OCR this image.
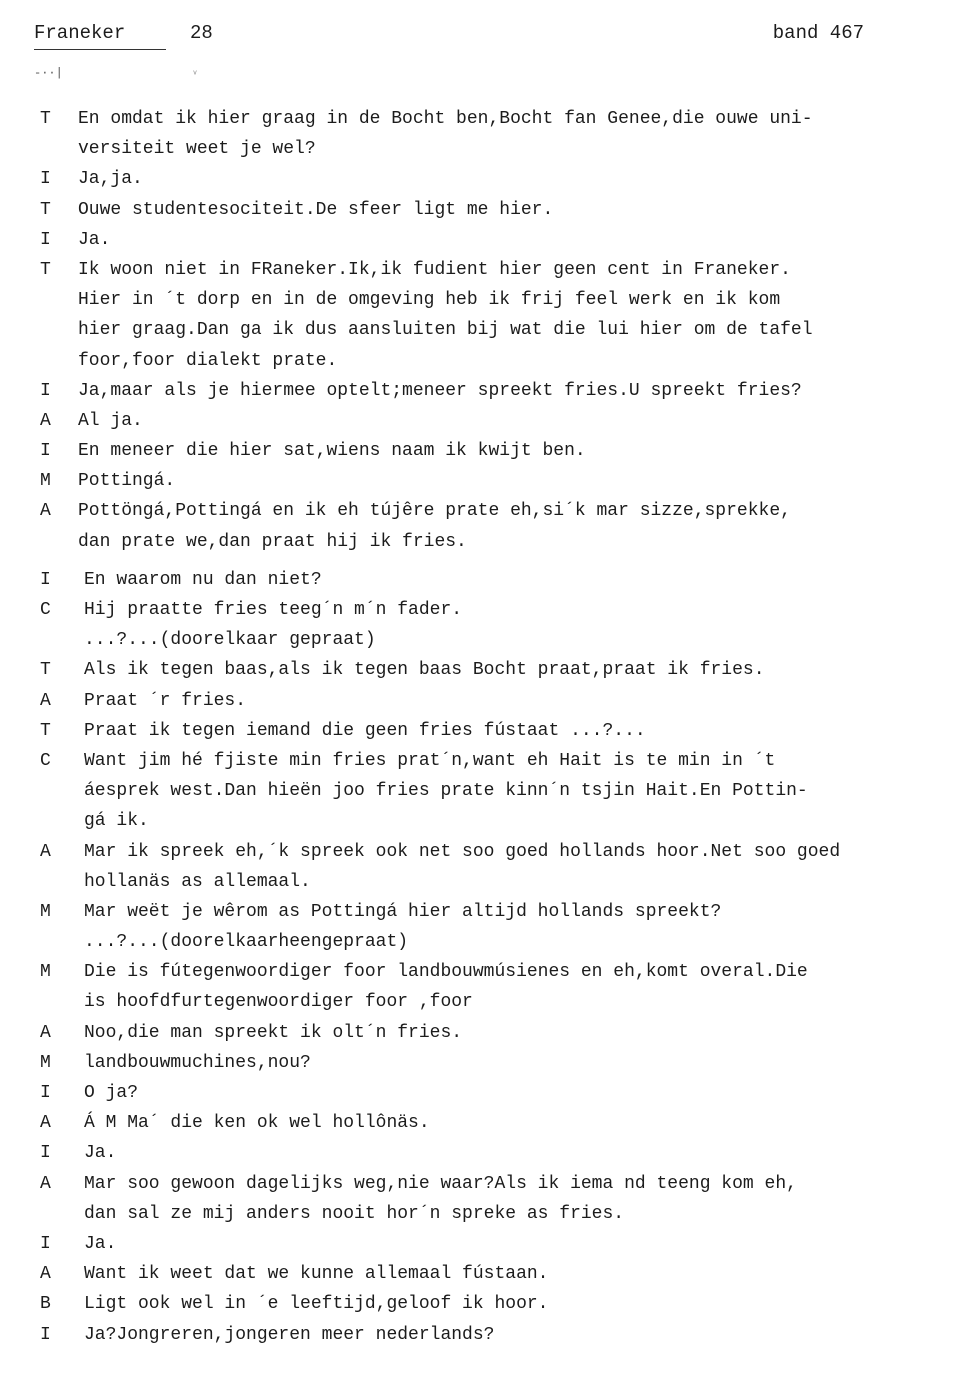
Franeker	28	band 467
-··|	ᵛ
T	En omdat ik hier graag in de Bocht ben,Bocht fan Genee,die ouwe uni-
versiteit weet je wel?
I	Ja,ja.
T	Ouwe studentesociteit.De sfeer ligt me hier.
I	Ja.
T	Ik woon niet in FRaneker.Ik,ik fudient hier geen cent in Franeker.
Hier in ´t dorp en in de omgeving heb ik frij feel werk en ik kom
hier graag.Dan ga ik dus aansluiten bij wat die lui hier om de tafel
foor,foor dialekt prate.
I	Ja,maar als je hiermee optelt;meneer spreekt fries.U spreekt fries?
A	Al ja.
I	En meneer die hier sat,wiens naam ik kwijt ben.
M	Pottingá.
A	Pottöngá,Pottingá en ik eh tújêre prate eh,si´k mar sizze,sprekke,
dan prate we,dan praat hij ik fries.
I	En waarom nu dan niet?
C	Hij praatte fries teeg´n m´n fader.
...?...(doorelkaar gepraat)
T	Als ik tegen baas,als ik tegen baas Bocht praat,praat ik fries.
A	Praat ´r fries.
T	Praat ik tegen iemand die geen fries fústaat ...?...
C	Want jim hé fjiste min fries prat´n,want eh Hait is te min in ´t
áesprek west.Dan hieën joo fries prate kinn´n tsjin Hait.En Pottin-
gá ik.
A	Mar ik spreek eh,´k spreek ook net soo goed hollands hoor.Net soo goed
hollanäs as allemaal.
M	Mar weët je wêrom as Pottingá hier altijd hollands spreekt?
...?...(doorelkaarheengepraat)
M	Die is fútegenwoordiger foor landbouwmúsienes en eh,komt overal.Die
is hoofdfurtegenwoordiger foor ,foor
A	Noo,die man spreekt ik olt´n fries.
M	landbouwmuchines,nou?
I	O ja?
A	Á M Ma´ die ken ok wel hollônäs.
I	Ja.
A	Mar soo gewoon dagelijks weg,nie waar?Als ik iema nd teeng kom eh,
dan sal ze mij anders nooit hor´n spreke as fries.
I	Ja.
A	Want ik weet dat we kunne allemaal fústaan.
B	Ligt ook wel in ´e leeftijd,geloof ik hoor.
I	Ja?Jongreren,jongeren meer nederlands?
